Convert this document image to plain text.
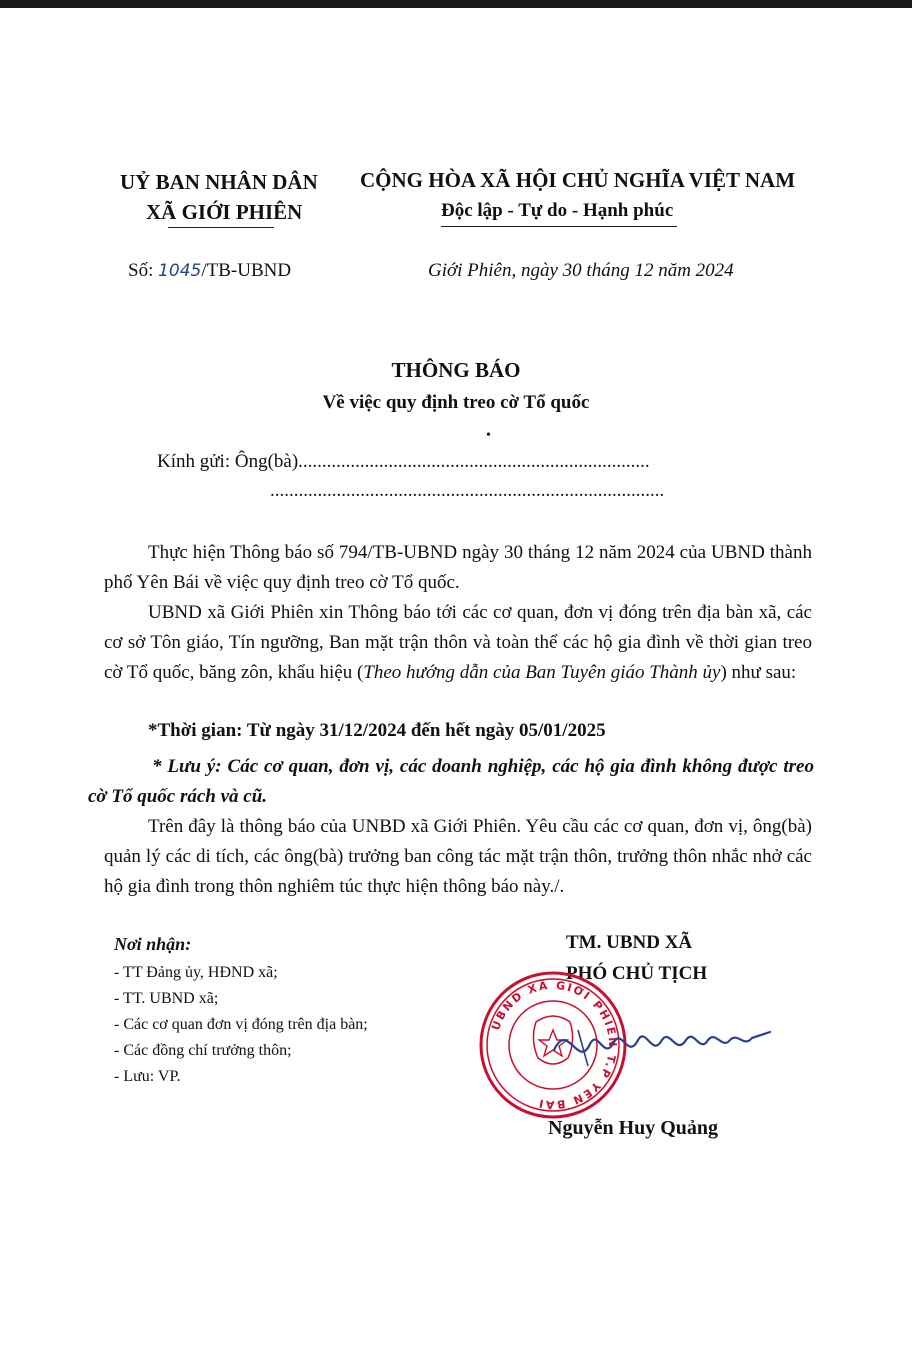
UỶ BAN NHÂN DÂN
XÃ GIỚI PHIÊN
CỘNG HÒA XÃ HỘI CHỦ NGHĨA VIỆT NAM
Độc lập - Tự do - Hạnh phúc
Số: 1045/TB-UBND	Giới Phiên, ngày 30 tháng 12 năm 2024
THÔNG BÁO
Về việc quy định treo cờ Tổ quốc
•
Kính gửi: Ông(bà)..........................................................................
...................................................................................
Thực hiện Thông báo số 794/TB-UBND ngày 30 tháng 12 năm 2024 của UBND thành phố Yên Bái về việc quy định treo cờ Tổ quốc.
UBND xã Giới Phiên xin Thông báo tới các cơ quan, đơn vị đóng trên địa bàn xã, các cơ sở Tôn giáo, Tín ngưỡng, Ban mặt trận thôn và toàn thể các hộ gia đình về thời gian treo cờ Tổ quốc, băng zôn, khẩu hiệu (Theo hướng dẫn của Ban Tuyên giáo Thành ủy) như sau:
*Thời gian: Từ ngày 31/12/2024 đến hết ngày 05/01/2025
* Lưu ý: Các cơ quan, đơn vị, các doanh nghiệp, các hộ gia đình không được treo cờ Tổ quốc rách và cũ.
Trên đây là thông báo của UNBD xã Giới Phiên. Yêu cầu các cơ quan, đơn vị, ông(bà) quản lý các di tích, các ông(bà) trưởng ban công tác mặt trận thôn, trưởng thôn nhắc nhở các hộ gia đình trong thôn nghiêm túc thực hiện thông báo này./.
Nơi nhận:
- TT Đảng ủy, HĐND xã;
- TT. UBND xã;
- Các cơ quan đơn vị đóng trên địa bàn;
- Các đồng chí trưởng thôn;
- Lưu: VP.
TM. UBND XÃ
PHÓ CHỦ TỊCH
UBND XÃ GIỚI PHIÊN T.P YÊN BÁI
Nguyễn Huy Quảng
